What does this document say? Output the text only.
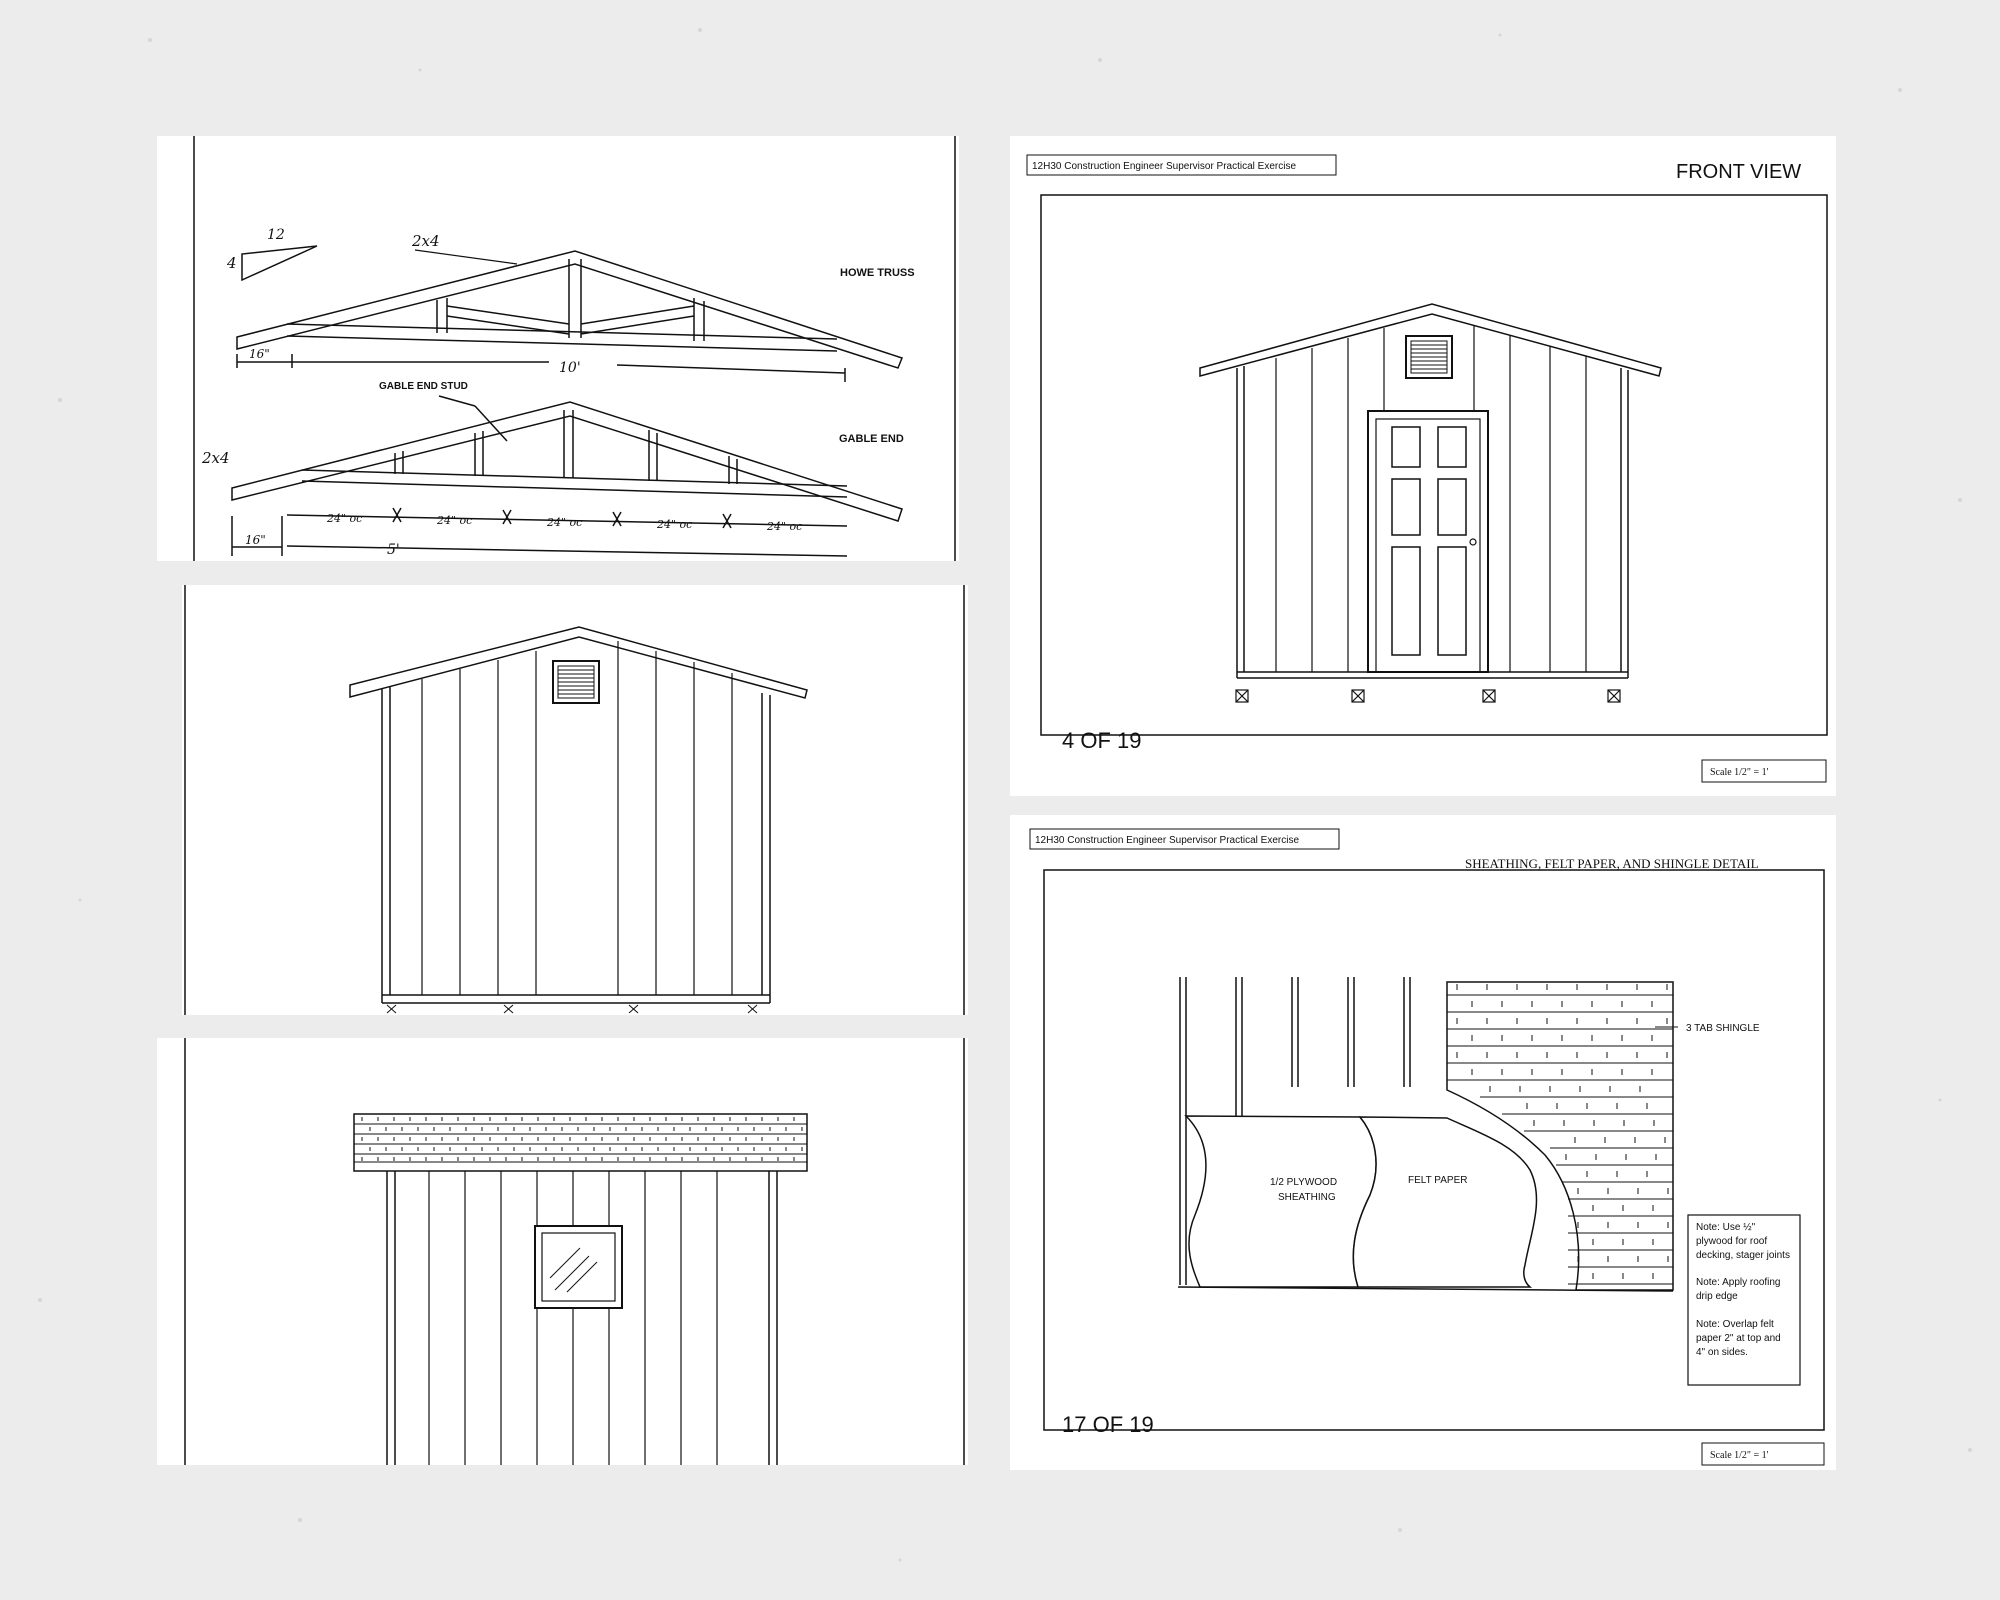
4
12	2x4
HOWE TRUSS
16"
10'
GABLE END STUD
GABLE END
2x4
24" oc	24" oc	24" oc	24" oc	24" oc
16"
5'
12H30 Construction Engineer Supervisor Practical Exercise	FRONT VIEW
4 OF 19
Scale 1/2" = 1'
12H30 Construction Engineer Supervisor Practical Exercise
SHEATHING, FELT PAPER, AND SHINGLE DETAIL
3 TAB SHINGLE
1/2 PLYWOOD
SHEATHING
FELT PAPER
Note: Use ½"
plywood for roof
decking, stager joints
Note: Apply roofing
drip edge
Note: Overlap felt
paper 2" at top and
4" on sides.
17 OF 19
Scale 1/2" = 1'
